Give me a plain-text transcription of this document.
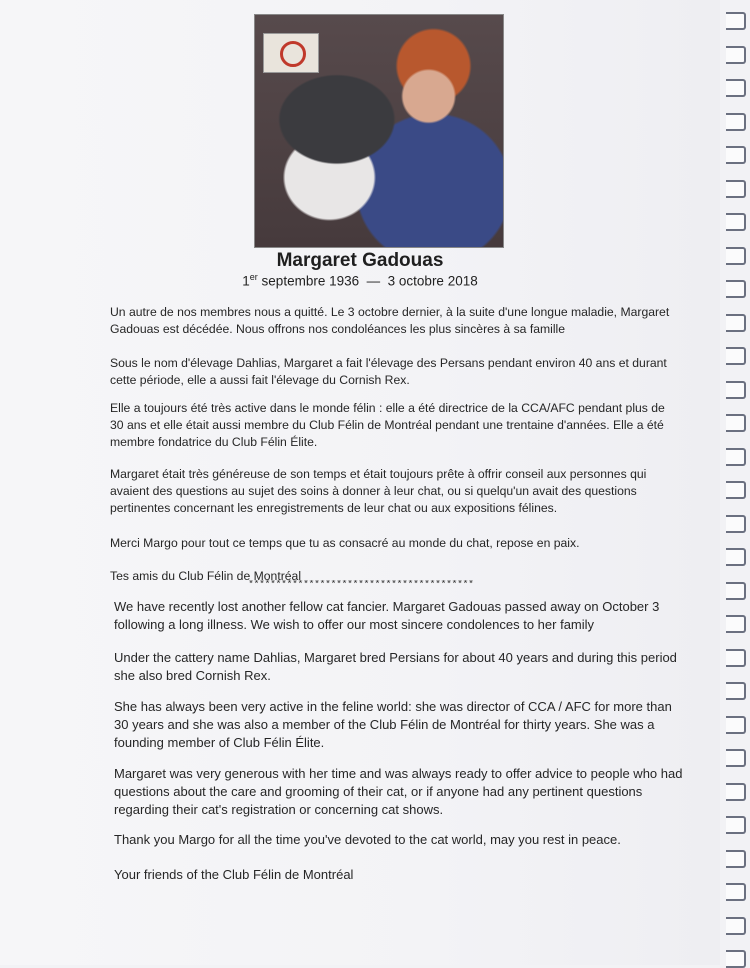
Margaret Gadouas
1er septembre 1936 — 3 octobre 2018

Un autre de nos membres nous a quitté. Le 3 octobre dernier, à la suite d'une longue maladie, Margaret Gadouas est décédée. Nous offrons nos condoléances les plus sincères à sa famille

Sous le nom d'élevage Dahlias, Margaret a fait l'élevage des Persans pendant environ 40 ans et durant cette période, elle a aussi fait l'élevage du Cornish Rex.

Elle a toujours été très active dans le monde félin : elle a été directrice de la CCA/AFC pendant plus de 30 ans et elle était aussi membre du Club Félin de Montréal pendant une trentaine d'années. Elle a été membre fondatrice du Club Félin Élite.

Margaret était très généreuse de son temps et était toujours prête à offrir conseil aux personnes qui avaient des questions au sujet des soins à donner à leur chat, ou si quelqu'un avait des questions pertinentes concernant les enregistrements de leur chat ou aux expositions félines.

Merci Margo pour tout ce temps que tu as consacré au monde du chat, repose en paix.

Tes amis du Club Félin de Montréal

*****************************************

We have recently lost another fellow cat fancier. Margaret Gadouas passed away on October 3 following a long illness. We wish to offer our most sincere condolences to her family

Under the cattery name Dahlias, Margaret bred Persians for about 40 years and during this period she also bred Cornish Rex.

She has always been very active in the feline world: she was director of CCA / AFC for more than 30 years and she was also a member of the Club Félin de Montréal for thirty years. She was a founding member of Club Félin Élite.

Margaret was very generous with her time and was always ready to offer advice to people who had questions about the care and grooming of their cat, or if anyone had any pertinent questions regarding their cat's registration or concerning cat shows.

Thank you Margo for all the time you've devoted to the cat world, may you rest in peace.

Your friends of the Club Félin de Montréal
